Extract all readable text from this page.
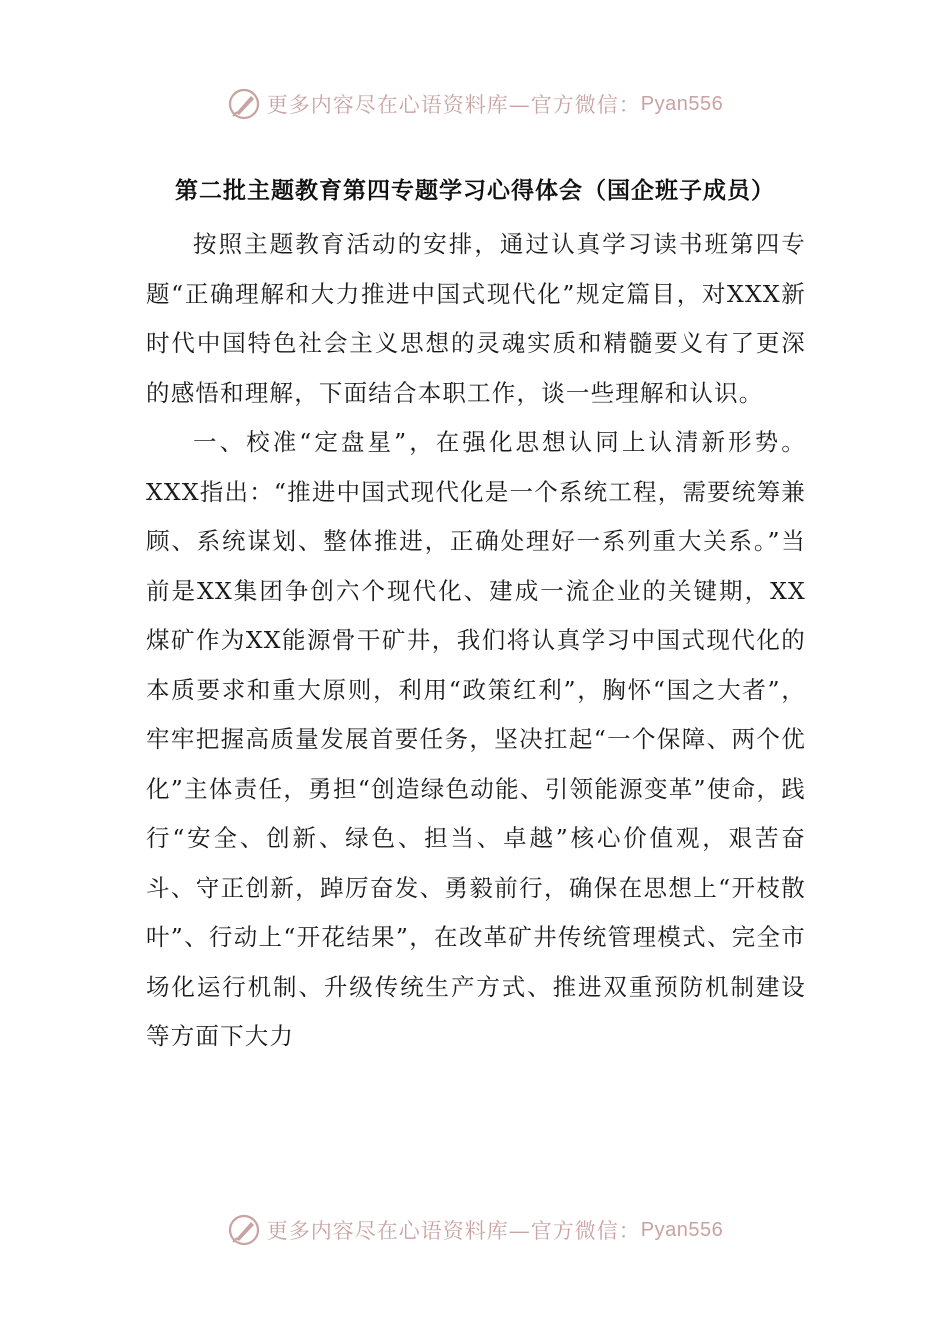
更多内容尽在心语资料库—官方微信： Pyan556
第二批主题教育第四专题学习心得体会（国企班子成员）

按照主题教育活动的安排，通过认真学习读书班第四专题“正确理解和大力推进中国式现代化”规定篇目，对XXX新时代中国特色社会主义思想的灵魂实质和精髓要义有了更深的感悟和理解，下面结合本职工作，谈一些理解和认识。

一、校准“定盘星”，在强化思想认同上认清新形势。XXX指出：“推进中国式现代化是一个系统工程，需要统筹兼顾、系统谋划、整体推进，正确处理好一系列重大关系。”当前是XX集团争创六个现代化、建成一流企业的关键期，XX煤矿作为XX能源骨干矿井，我们将认真学习中国式现代化的本质要求和重大原则，利用“政策红利”，胸怀“国之大者”，牢牢把握高质量发展首要任务，坚决扛起“一个保障、两个优化”主体责任，勇担“创造绿色动能、引领能源变革”使命，践行“安全、创新、绿色、担当、卓越”核心价值观，艰苦奋斗、守正创新，踔厉奋发、勇毅前行，确保在思想上“开枝散叶”、行动上“开花结果”，在改革矿井传统管理模式、完全市场化运行机制、升级传统生产方式、推进双重预防机制建设等方面下大力

更多内容尽在心语资料库—官方微信： Pyan556
